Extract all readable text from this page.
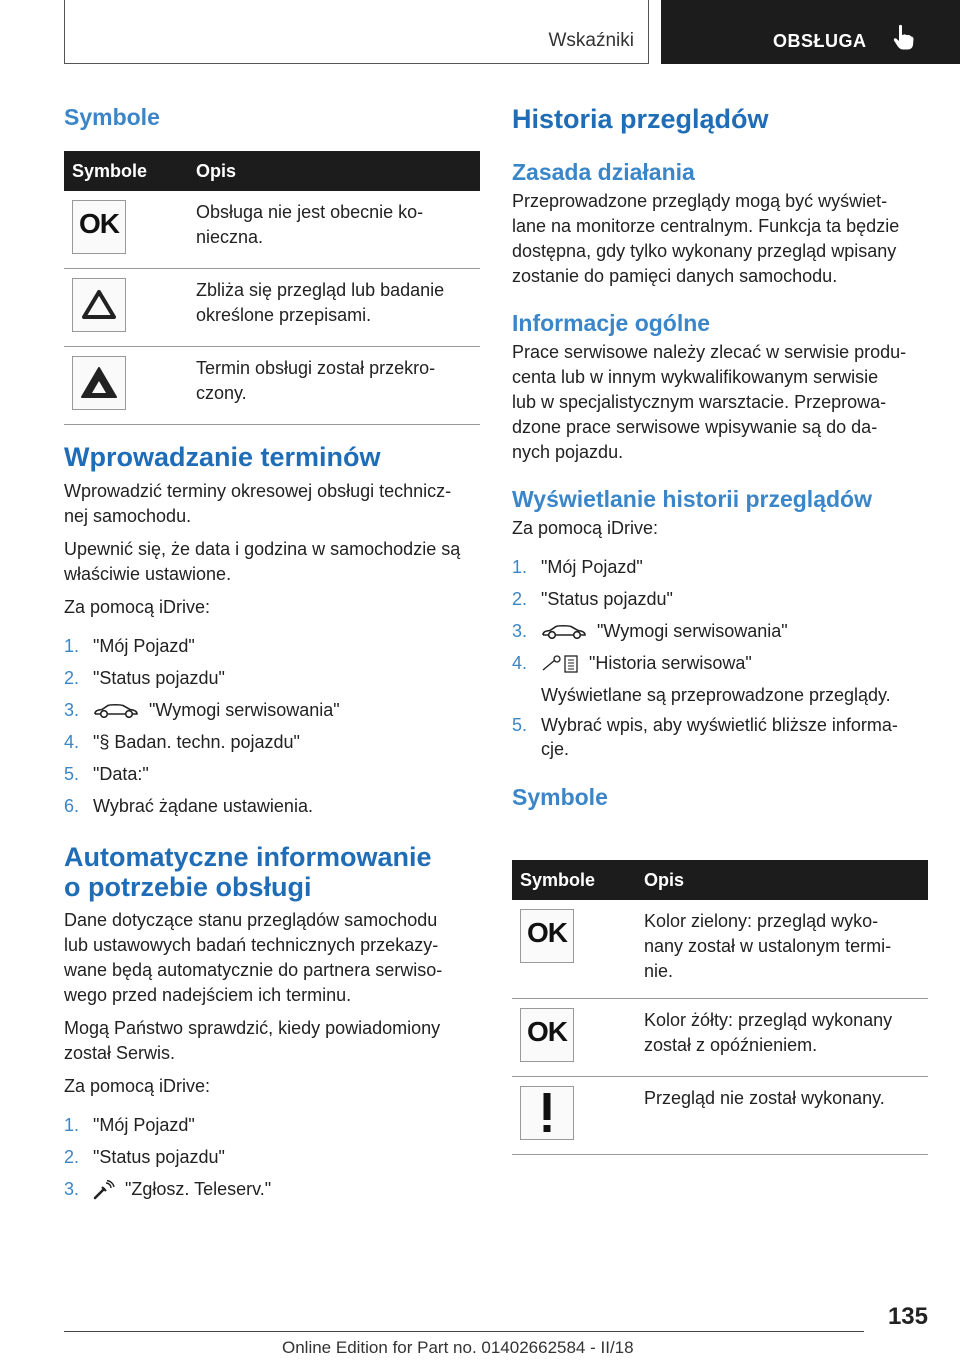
Wskaźniki	OBSŁUGA
Symbole
Symbole	Opis

OK	Obsługa nie jest obecnie ko-
nieczna.

Zbliża się przegląd lub badanie
określone przepisami.

Termin obsługi został przekro-
czony.
Wprowadzanie terminów
Wprowadzić terminy okresowej obsługi technicz-
nej samochodu.
Upewnić się, że data i godzina w samochodzie są
właściwie ustawione.
Za pomocą iDrive:
1. "Mój Pojazd"
2. "Status pojazdu"
3.	"Wymogi serwisowania"
4. "§ Badan. techn. pojazdu"
5. "Data:"
6. Wybrać żądane ustawienia.
Automatyczne informowanie
o potrzebie obsługi
Dane dotyczące stanu przeglądów samochodu
lub ustawowych badań technicznych przekazy-
wane będą automatycznie do partnera serwiso-
wego przed nadejściem ich terminu.
Mogą Państwo sprawdzić, kiedy powiadomiony
został Serwis.
Za pomocą iDrive:
1. "Mój Pojazd"
2. "Status pojazdu"
3.	"Zgłosz. Teleserv."
Historia przeglądów
Zasada działania
Przeprowadzone przeglądy mogą być wyświet-
lane na monitorze centralnym. Funkcja ta będzie
dostępna, gdy tylko wykonany przegląd wpisany
zostanie do pamięci danych samochodu.
Informacje ogólne
Prace serwisowe należy zlecać w serwisie produ-
centa lub w innym wykwalifikowanym serwisie
lub w specjalistycznym warsztacie. Przeprowa-
dzone prace serwisowe wpisywanie są do da-
nych pojazdu.
Wyświetlanie historii przeglądów
Za pomocą iDrive:
1. "Mój Pojazd"
2. "Status pojazdu"
3.	"Wymogi serwisowania"
4.	"Historia serwisowa"
Wyświetlane są przeprowadzone przeglądy.
5. Wybrać wpis, aby wyświetlić bliższe informa-
cje.
Symbole
Symbole	Opis

OK	Kolor zielony: przegląd wyko-
nany został w ustalonym termi-
nie.

OK	Kolor żółty: przegląd wykonany
został z opóźnieniem.

Przegląd nie został wykonany.
135
Online Edition for Part no. 01402662584 - II/18
